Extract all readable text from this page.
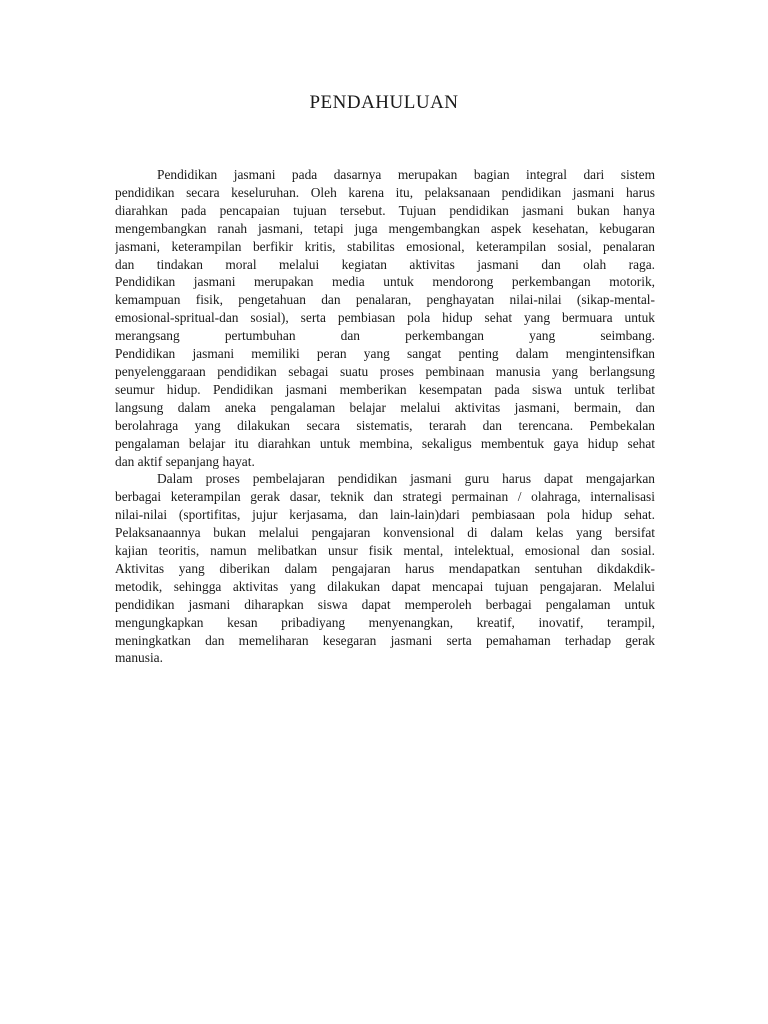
PENDAHULUAN
Pendidikan jasmani pada dasarnya merupakan bagian integral dari sistem
pendidikan secara keseluruhan. Oleh karena itu, pelaksanaan pendidikan jasmani harus
diarahkan pada pencapaian tujuan tersebut. Tujuan pendidikan jasmani bukan hanya
mengembangkan ranah jasmani, tetapi juga mengembangkan aspek kesehatan, kebugaran
jasmani, keterampilan berfikir kritis, stabilitas emosional, keterampilan sosial, penalaran
dan tindakan moral melalui kegiatan aktivitas jasmani dan olah raga.
Pendidikan jasmani merupakan media untuk mendorong perkembangan motorik,
kemampuan fisik, pengetahuan dan penalaran, penghayatan nilai-nilai (sikap-mental-
emosional-spritual-dan sosial), serta pembiasan pola hidup sehat yang bermuara untuk
merangsang pertumbuhan dan perkembangan yang seimbang.
Pendidikan jasmani memiliki peran yang sangat penting dalam mengintensifkan
penyelenggaraan pendidikan sebagai suatu proses pembinaan manusia yang berlangsung
seumur hidup. Pendidikan jasmani memberikan kesempatan pada siswa untuk terlibat
langsung dalam aneka pengalaman belajar melalui aktivitas jasmani, bermain, dan
berolahraga yang dilakukan secara sistematis, terarah dan terencana. Pembekalan
pengalaman belajar itu diarahkan untuk membina, sekaligus membentuk gaya hidup sehat
dan aktif sepanjang hayat.
Dalam proses pembelajaran pendidikan jasmani guru harus dapat mengajarkan
berbagai keterampilan gerak dasar, teknik dan strategi permainan / olahraga, internalisasi
nilai-nilai (sportifitas, jujur kerjasama, dan lain-lain)dari pembiasaan pola hidup sehat.
Pelaksanaannya bukan melalui pengajaran konvensional di dalam kelas yang bersifat
kajian teoritis, namun melibatkan unsur fisik mental, intelektual, emosional dan sosial.
Aktivitas yang diberikan dalam pengajaran harus mendapatkan sentuhan dikdakdik-
metodik, sehingga aktivitas yang dilakukan dapat mencapai tujuan pengajaran. Melalui
pendidikan jasmani diharapkan siswa dapat memperoleh berbagai pengalaman untuk
mengungkapkan kesan pribadiyang menyenangkan, kreatif, inovatif, terampil,
meningkatkan dan memeliharan kesegaran jasmani serta pemahaman terhadap gerak
manusia.
